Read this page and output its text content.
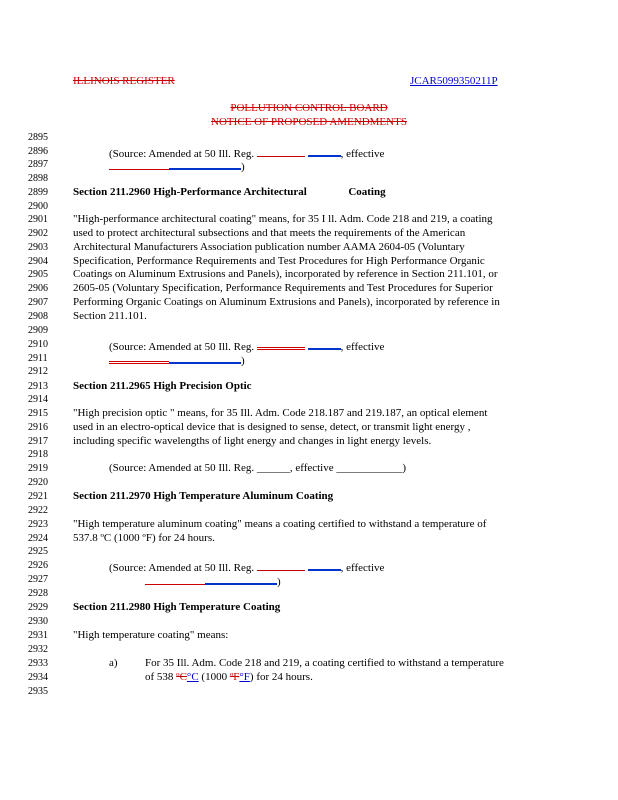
ILLINOIS REGISTER	JCAR5099350211P
POLLUTION CONTROL BOARD
NOTICE OF PROPOSED AMENDMENTS
2895
2896
2897
2898
2899
2900
2901
2902
2903
2904
2905
2906
2907
2908
2909
2910
2911
2912
2913
2914
2915
2916
2917
2918
2919
2920
2921
2922
2923
2924
2925
2926
2927
2928
2929
2930
2931
2932
2933
2934
2935
(Source: Amended at 50 Ill. Reg.	, effective
)
Section 211.2960 High-Performance Architectural	Coating
"High-performance architectural coating" means, for 35 I ll. Adm. Code 218 and 219, a coating
used to protect architectural subsections and that meets the requirements of the American
Architectural Manufacturers Association publication number AAMA 2604-05 (Voluntary
Specification, Performance Requirements and Test Procedures for High Performance Organic
Coatings on Aluminum Extrusions and Panels), incorporated by reference in Section 211.101, or
2605-05 (Voluntary Specification, Performance Requirements and Test Procedures for Superior
Performing Organic Coatings on Aluminum Extrusions and Panels), incorporated by reference in
Section 211.101.
(Source: Amended at 50 Ill. Reg.	, effective
)
Section 211.2965 High Precision Optic
"High precision optic " means, for 35 Ill. Adm. Code 218.187 and 219.187, an optical element
used in an electro-optical device that is designed to sense, detect, or transmit light energy ,
including specific wavelengths of light energy and changes in light energy levels.
(Source: Amended at 50 Ill. Reg. ______, effective ____________)
Section 211.2970 High Temperature Aluminum Coating
"High temperature aluminum coating" means a coating certified to withstand a temperature of
537.8 ºC (1000 ºF) for 24 hours.
(Source: Amended at 50 Ill. Reg.	, effective
)
Section 211.2980 High Temperature Coating
"High temperature coating" means:
a) For 35 Ill. Adm. Code 218 and 219, a coating certified to withstand a temperature
of 538 ºC°C (1000 ºF°F) for 24 hours.
